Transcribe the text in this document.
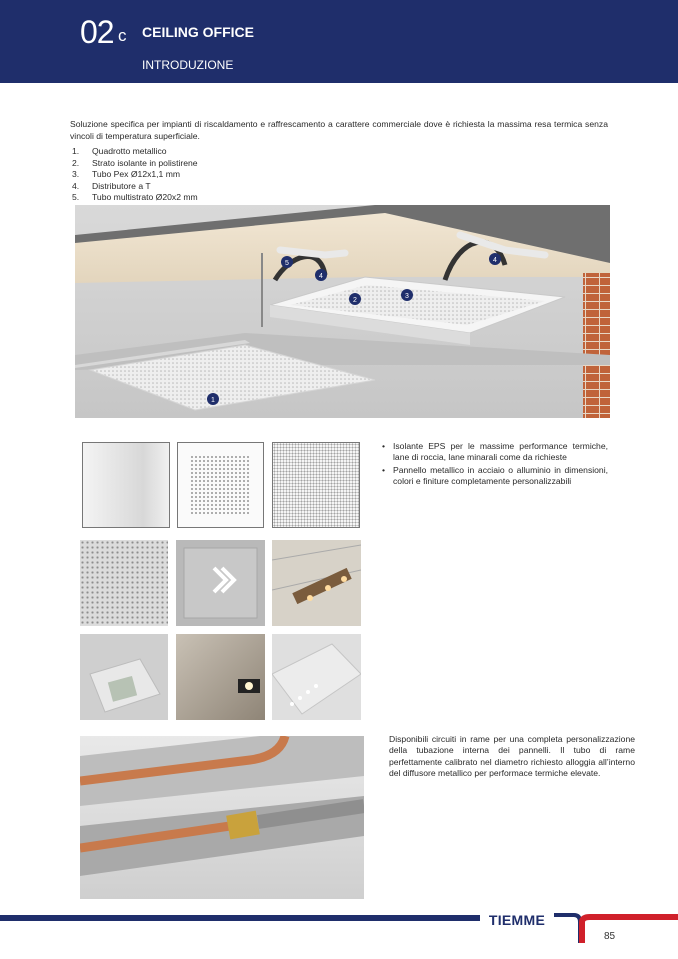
02 c CEILING OFFICE
INTRODUZIONE
Soluzione specifica per impianti di riscaldamento e raffrescamento a carattere commerciale dove è richiesta la massima resa termica senza vincoli di temperatura superficiale.
1.	Quadrotto metallico
2.	Strato isolante in polistirene
3.	Tubo Pex Ø12x1,1 mm
4.	Distributore a T
5.	Tubo multistrato Ø20x2 mm
1
2
3
4
4
5
• Isolante EPS per le massime performance termiche, lane di roccia, lane minarali come da richieste
• Pannello metallico in acciaio o alluminio in dimensioni, colori e finiture completamente personalizzabili
Disponibili circuiti in rame per una completa personalizzazione della tubazione interna dei pannelli. Il tubo di rame perfettamente calibrato nel diametro richiesto alloggia all’interno del diffusore metallico per performace termiche elevate.
TIEMME
85
